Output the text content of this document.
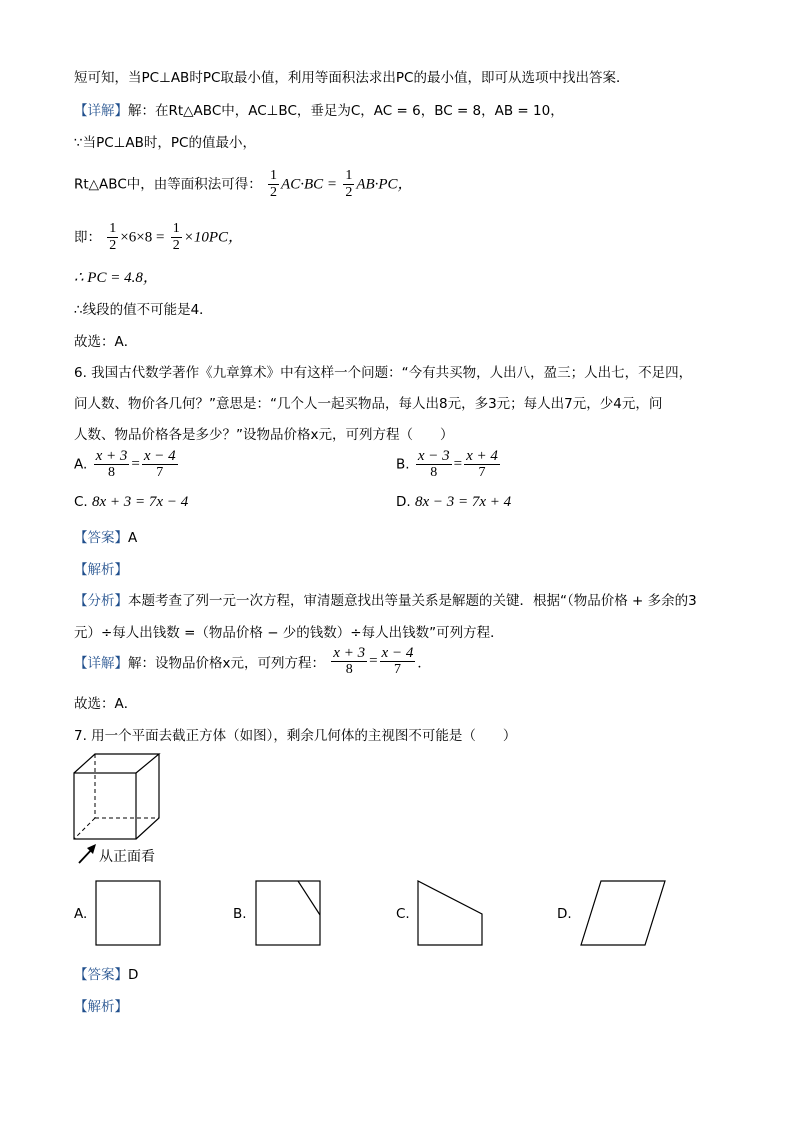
短可知，当PC⊥AB时PC取最小值，利用等面积法求出PC的最小值，即可从选项中找出答案．
【详解】解：在Rt△ABC中，AC⊥BC，垂足为C，AC = 6，BC = 8，AB = 10，
∵当PC⊥AB时，PC的值最小，
Rt△ABC中，由等面积法可得： $\frac{1}{2} AC\cdot BC = \frac{1}{2} AB\cdot PC$，
即： $\frac{1}{2} \times 6\times 8 = \frac{1}{2} \times 10PC$，
∴ PC = 4.8，
∴线段的值不可能是4．
故选：A．
6. 我国古代数学著作《九章算术》中有这样一个问题：“今有共买物，人出八，盈三；人出七，不足四，
问人数、物价各几何？”意思是：“几个人一起买物品，每人出8元，多3元；每人出7元，少4元，问
人数、物品价格各是多少？”设物品价格x元，可列方程（　　）
A. $\frac{x + 3}{8} = \frac{x - 4}{7}$	B. $\frac{x - 3}{8} = \frac{x + 4}{7}$
C. 8x + 3 = 7x − 4	D. 8x − 3 = 7x + 4
【答案】A
【解析】
【分析】本题考查了列一元一次方程，审清题意找出等量关系是解题的关键．根据“（物品价格 + 多余的3
元）÷每人出钱数 =（物品价格 − 少的钱数）÷每人出钱数”可列方程．
【详解】解：设物品价格x元，可列方程： $\frac{x + 3}{8} = \frac{x - 4}{7}$ ．
故选：A．
7. 用一个平面去截正方体（如图），剩余几何体的主视图不可能是（　　）
从正面看
A.	B.	C.	D.
【答案】D
【解析】
